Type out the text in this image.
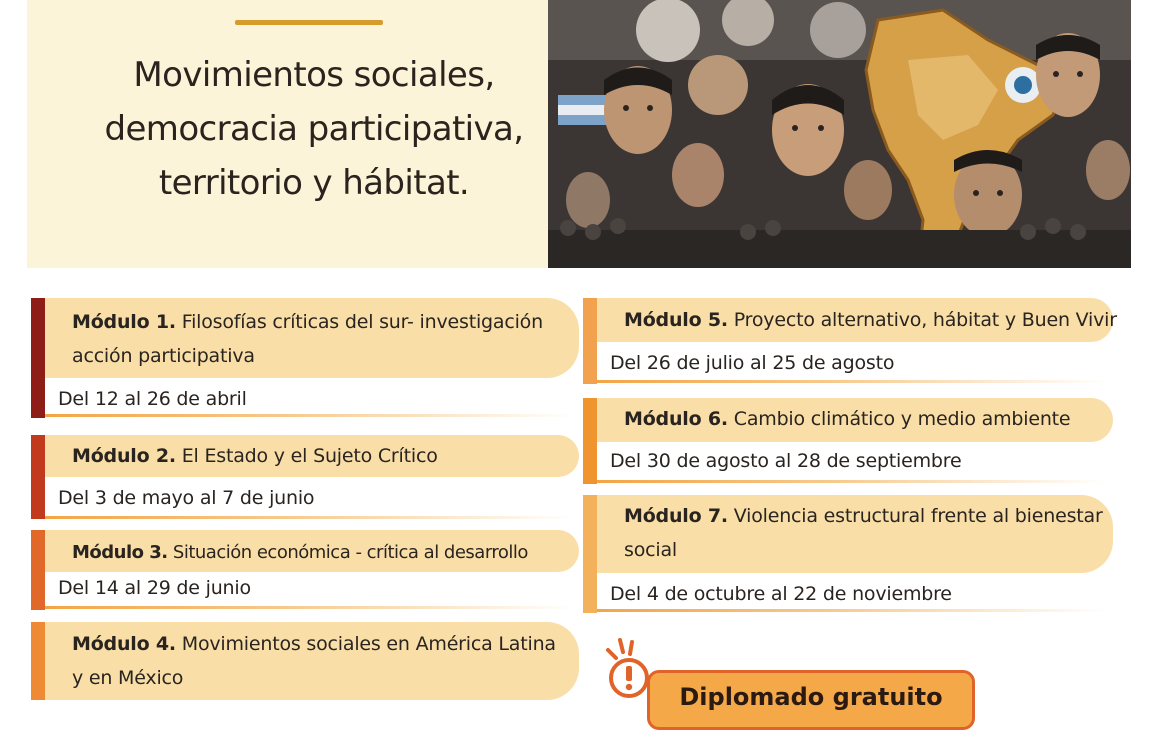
Movimientos sociales,
democracia participativa,
territorio y hábitat.
Módulo 1. Filosofías críticas del sur- investigación acción participativa
Del 12 al 26 de abril
Módulo 2. El Estado y el Sujeto Crítico
Del 3 de mayo al 7 de junio
Módulo 3. Situación económica - crítica al desarrollo
Del 14 al 29 de junio
Módulo 4. Movimientos sociales en América Latina y en México
Módulo 5. Proyecto alternativo, hábitat y Buen Vivir
Del 26 de julio al 25 de agosto
Módulo 6. Cambio climático y medio ambiente
Del 30 de agosto al 28 de septiembre
Módulo 7. Violencia estructural frente al bienestar social
Del 4 de octubre al 22 de noviembre
Diplomado gratuito
